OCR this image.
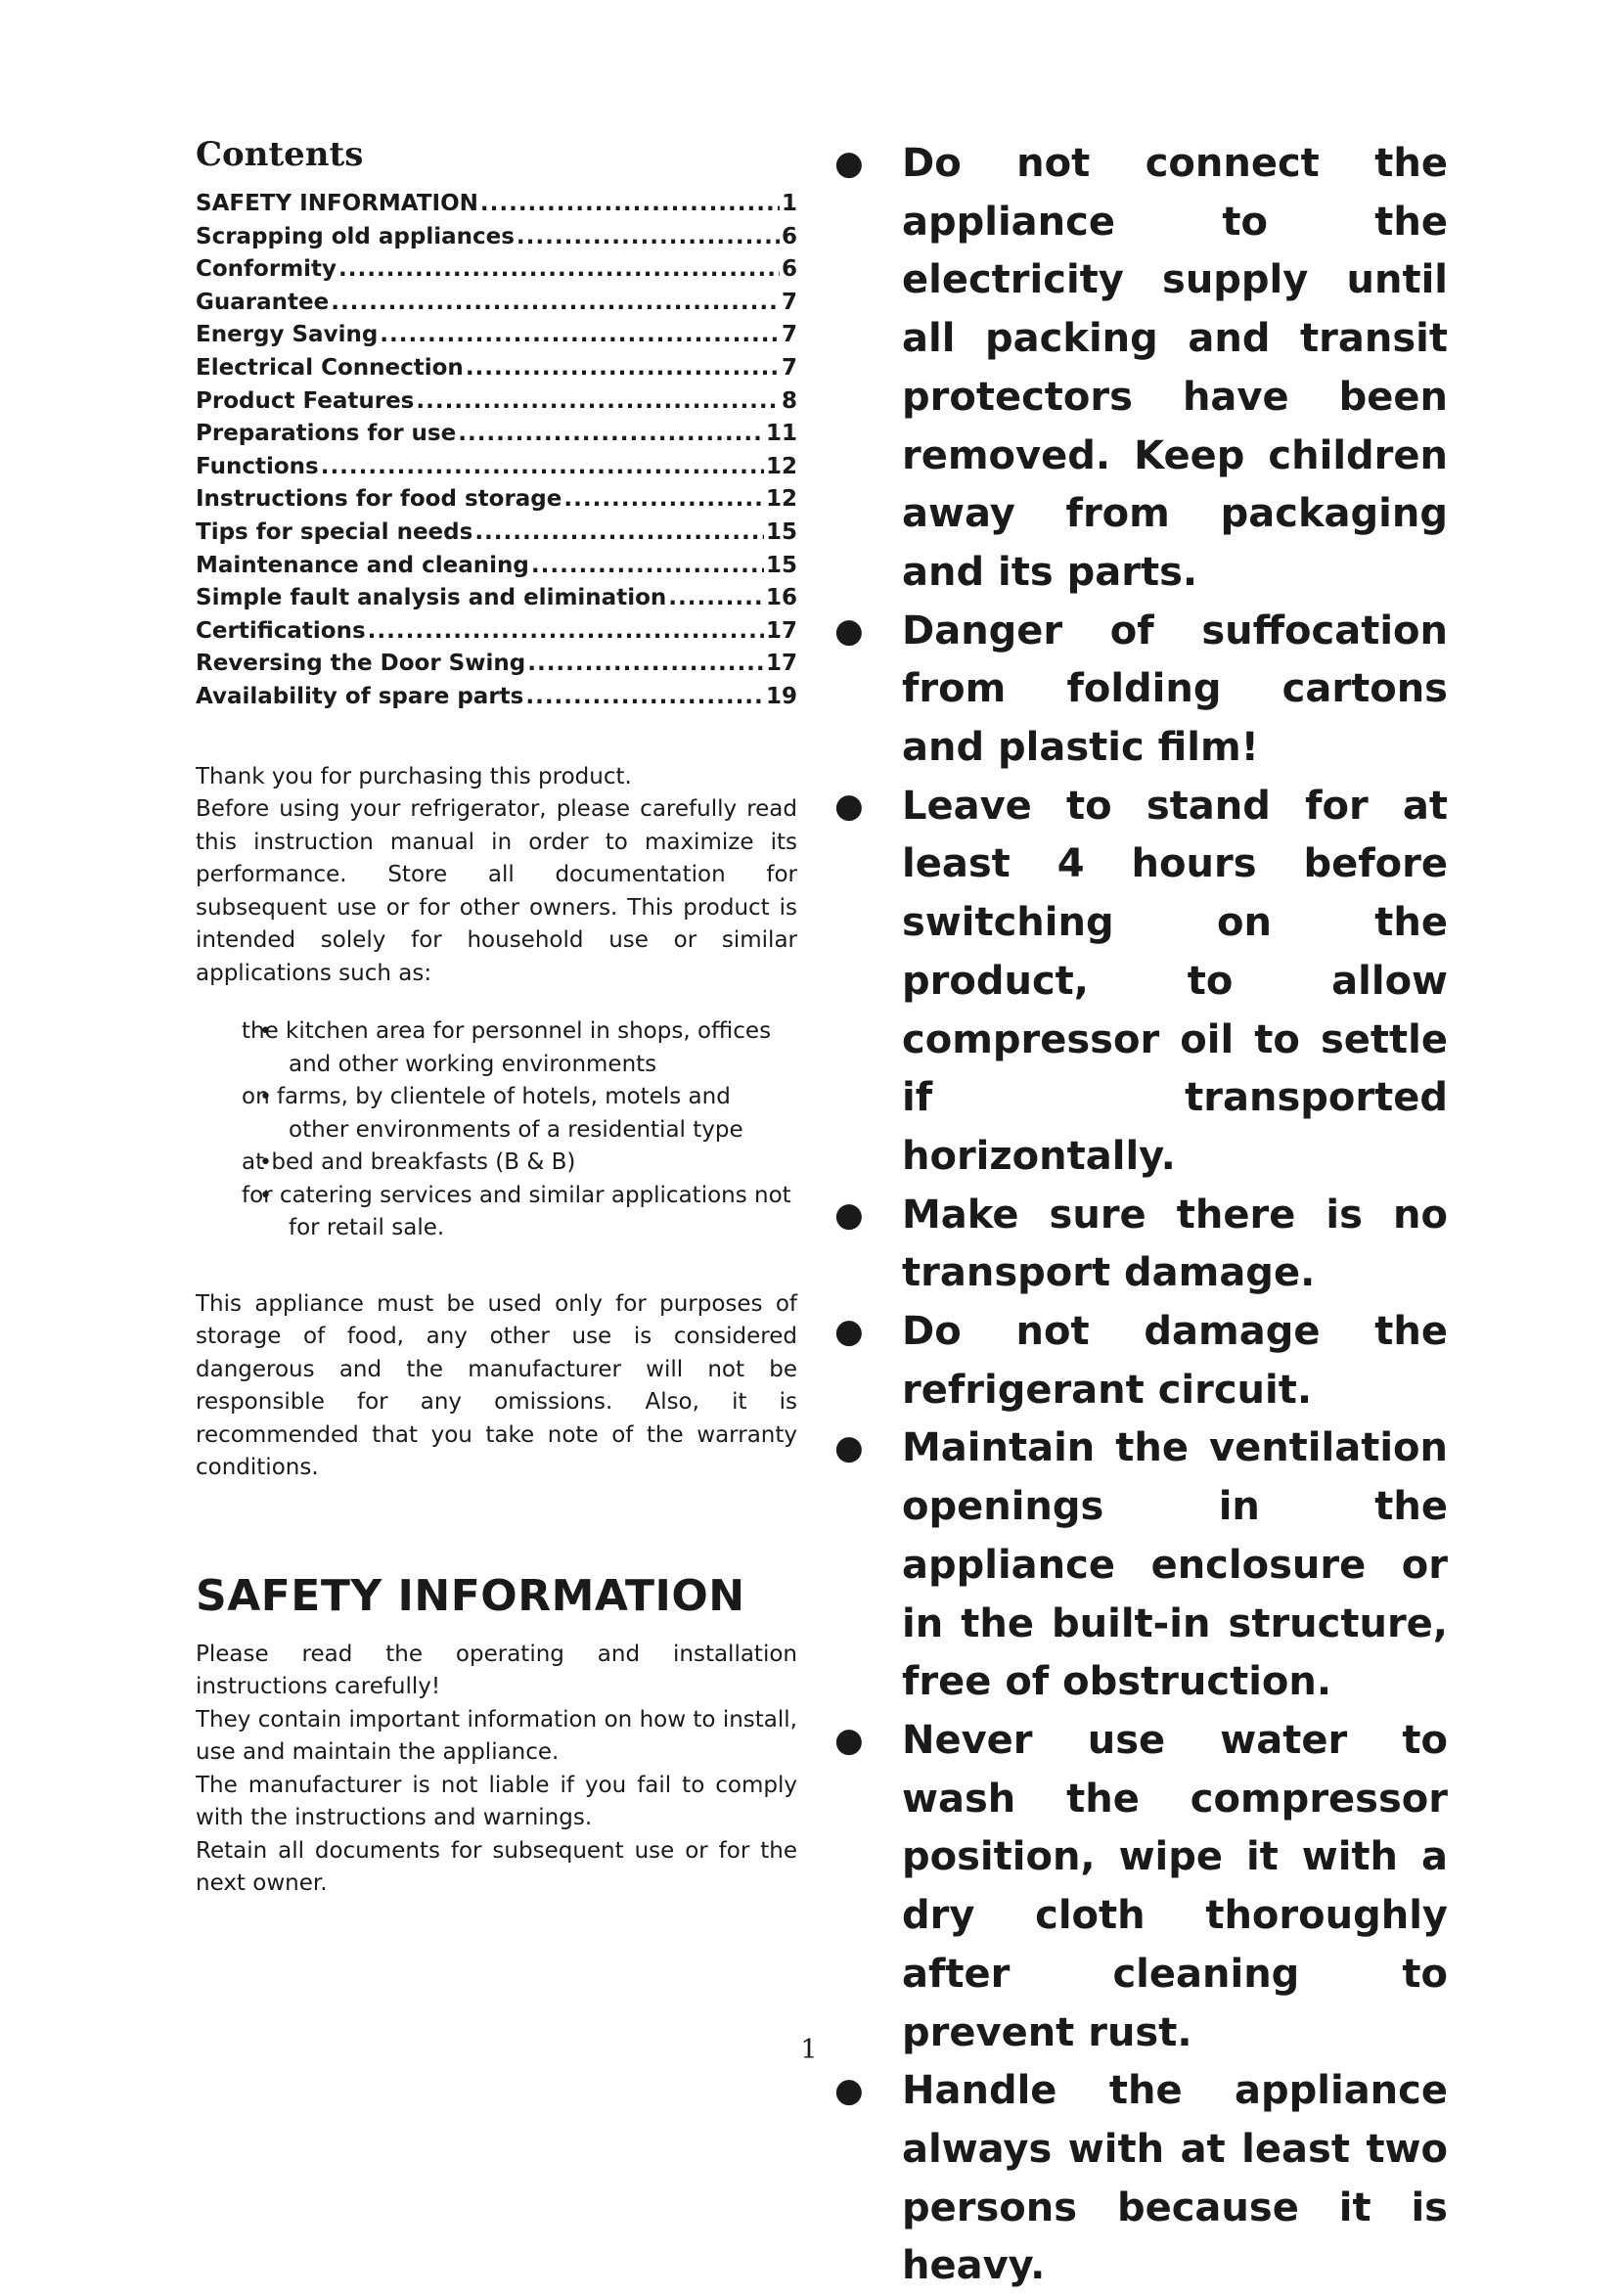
Contents
SAFETY INFORMATION .....	1
Scrapping old appliances .....	6
Conformity .....	6
Guarantee .....	7
Energy Saving .....	7
Electrical Connection .....	7
Product Features .....	8
Preparations for use .....	11
Functions .....	12
Instructions for food storage .....	12
Tips for special needs .....	15
Maintenance and cleaning .....	15
Simple fault analysis and elimination .....	16
Certifications .....	17
Reversing the Door Swing .....	17
Availability of spare parts .....	19

Thank you for purchasing this product.

Before using your refrigerator, please carefully read this instruction manual in order to maximize its performance. Store all documentation for subsequent use or for other owners. This product is intended solely for household use or similar applications such as:

• the kitchen area for personnel in shops, offices and other working environments
• on farms, by clientele of hotels, motels and other environments of a residential type
• at bed and breakfasts (B & B)
• for catering services and similar applications not for retail sale.

This appliance must be used only for purposes of storage of food, any other use is considered dangerous and the manufacturer will not be responsible for any omissions. Also, it is recommended that you take note of the warranty conditions.

SAFETY INFORMATION

Please read the operating and installation instructions carefully!

They contain important information on how to install, use and maintain the appliance.

The manufacturer is not liable if you fail to comply with the instructions and warnings.

Retain all documents for subsequent use or for the next owner.

● Do not connect the appliance to the electricity supply until all packing and transit protectors have been removed. Keep children away from packaging and its parts.
● Danger of suffocation from folding cartons and plastic film!
● Leave to stand for at least 4 hours before switching on the product, to allow compressor oil to settle if transported horizontally.
● Make sure there is no transport damage.
● Do not damage the refrigerant circuit.
● Maintain the ventilation openings in the appliance enclosure or in the built-in structure, free of obstruction.
● Never use water to wash the compressor position, wipe it with a dry cloth thoroughly after cleaning to prevent rust.
● Handle the appliance always with at least two persons because it is heavy.
1
